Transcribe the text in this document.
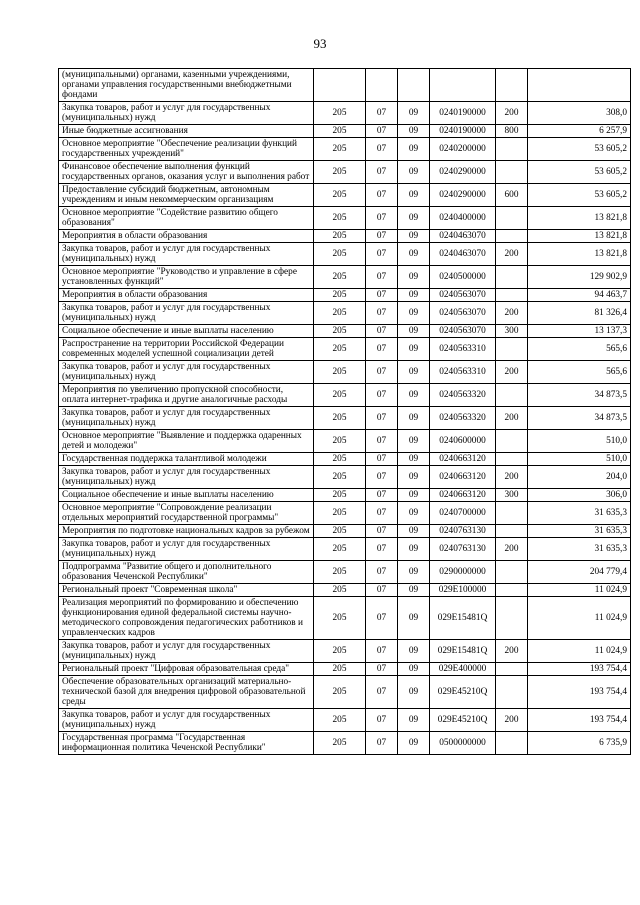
93
(муниципальными) органами, казенными учреждениями, органами управления государственными внебюджетными фондами						
Закупка товаров, работ и услуг для государственных (муниципальных) нужд	205	07	09	0240190000	200	308,0
Иные бюджетные ассигнования	205	07	09	0240190000	800	6 257,9
Основное мероприятие "Обеспечение реализации функций государственных учреждений"	205	07	09	0240200000		53 605,2
Финансовое обеспечение выполнения функций государственных органов, оказания услуг и выполнения работ	205	07	09	0240290000		53 605,2
Предоставление субсидий бюджетным, автономным учреждениям и иным некоммерческим организациям	205	07	09	0240290000	600	53 605,2
Основное мероприятие "Содействие развитию общего образования"	205	07	09	0240400000		13 821,8
Мероприятия в области образования	205	07	09	0240463070		13 821,8
Закупка товаров, работ и услуг для государственных (муниципальных) нужд	205	07	09	0240463070	200	13 821,8
Основное мероприятие "Руководство и управление в сфере установленных функций"	205	07	09	0240500000		129 902,9
Мероприятия в области образования	205	07	09	0240563070		94 463,7
Закупка товаров, работ и услуг для государственных (муниципальных) нужд	205	07	09	0240563070	200	81 326,4
Социальное обеспечение и иные выплаты населению	205	07	09	0240563070	300	13 137,3
Распространение на территории Российской Федерации современных моделей успешной социализации детей	205	07	09	0240563310		565,6
Закупка товаров, работ и услуг для государственных (муниципальных) нужд	205	07	09	0240563310	200	565,6
Мероприятия по увеличению пропускной способности, оплата интернет-трафика и другие аналогичные расходы	205	07	09	0240563320		34 873,5
Закупка товаров, работ и услуг для государственных (муниципальных) нужд	205	07	09	0240563320	200	34 873,5
Основное мероприятие "Выявление и поддержка одаренных детей и молодежи"	205	07	09	0240600000		510,0
Государственная поддержка талантливой молодежи	205	07	09	0240663120		510,0
Закупка товаров, работ и услуг для государственных (муниципальных) нужд	205	07	09	0240663120	200	204,0
Социальное обеспечение и иные выплаты населению	205	07	09	0240663120	300	306,0
Основное мероприятие "Сопровождение реализации отдельных мероприятий государственной программы"	205	07	09	0240700000		31 635,3
Мероприятия по подготовке национальных кадров за рубежом	205	07	09	0240763130		31 635,3
Закупка товаров, работ и услуг для государственных (муниципальных) нужд	205	07	09	0240763130	200	31 635,3
Подпрограмма "Развитие общего и дополнительного образования Чеченской Республики"	205	07	09	0290000000		204 779,4
Региональный проект "Современная школа"	205	07	09	029E100000		11 024,9
Реализация мероприятий по формированию и обеспечению функционирования единой федеральной системы научно-методического сопровождения педагогических работников и управленческих кадров	205	07	09	029E15481Q		11 024,9
Закупка товаров, работ и услуг для государственных (муниципальных) нужд	205	07	09	029E15481Q	200	11 024,9
Региональный проект "Цифровая образовательная среда"	205	07	09	029E400000		193 754,4
Обеспечение образовательных организаций материально-технической базой для внедрения цифровой образовательной среды	205	07	09	029E45210Q		193 754,4
Закупка товаров, работ и услуг для государственных (муниципальных) нужд	205	07	09	029E45210Q	200	193 754,4
Государственная программа "Государственная информационная политика Чеченской Республики"	205	07	09	0500000000		6 735,9
